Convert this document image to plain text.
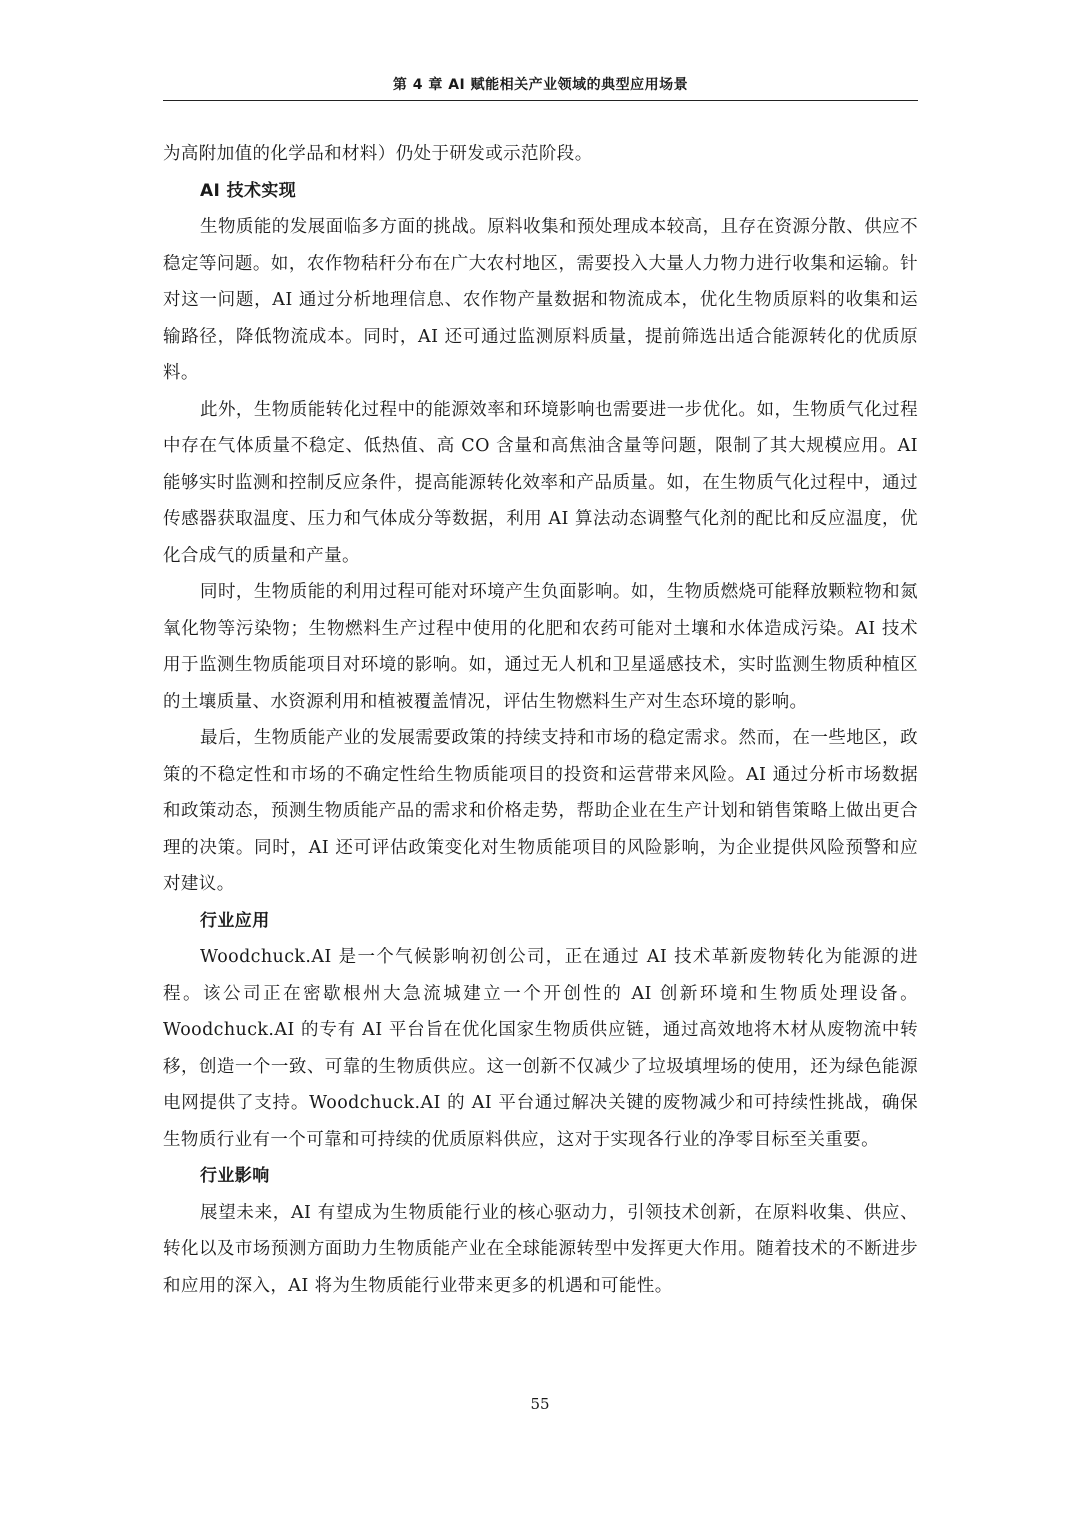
第 4 章 AI 赋能相关产业领域的典型应用场景

为高附加值的化学品和材料）仍处于研发或示范阶段。

AI 技术实现

生物质能的发展面临多方面的挑战。原料收集和预处理成本较高，且存在资源分散、供应不稳定等问题。如，农作物秸秆分布在广大农村地区，需要投入大量人力物力进行收集和运输。针对这一问题，AI 通过分析地理信息、农作物产量数据和物流成本，优化生物质原料的收集和运输路径，降低物流成本。同时，AI 还可通过监测原料质量，提前筛选出适合能源转化的优质原料。

此外，生物质能转化过程中的能源效率和环境影响也需要进一步优化。如，生物质气化过程中存在气体质量不稳定、低热值、高 CO 含量和高焦油含量等问题，限制了其大规模应用。AI 能够实时监测和控制反应条件，提高能源转化效率和产品质量。如，在生物质气化过程中，通过传感器获取温度、压力和气体成分等数据，利用 AI 算法动态调整气化剂的配比和反应温度，优化合成气的质量和产量。

同时，生物质能的利用过程可能对环境产生负面影响。如，生物质燃烧可能释放颗粒物和氮氧化物等污染物；生物燃料生产过程中使用的化肥和农药可能对土壤和水体造成污染。AI 技术用于监测生物质能项目对环境的影响。如，通过无人机和卫星遥感技术，实时监测生物质种植区的土壤质量、水资源利用和植被覆盖情况，评估生物燃料生产对生态环境的影响。

最后，生物质能产业的发展需要政策的持续支持和市场的稳定需求。然而，在一些地区，政策的不稳定性和市场的不确定性给生物质能项目的投资和运营带来风险。AI 通过分析市场数据和政策动态，预测生物质能产品的需求和价格走势，帮助企业在生产计划和销售策略上做出更合理的决策。同时，AI 还可评估政策变化对生物质能项目的风险影响，为企业提供风险预警和应对建议。

行业应用

Woodchuck.AI 是一个气候影响初创公司，正在通过 AI 技术革新废物转化为能源的进程。该公司正在密歇根州大急流城建立一个开创性的 AI 创新环境和生物质处理设备。Woodchuck.AI 的专有 AI 平台旨在优化国家生物质供应链，通过高效地将木材从废物流中转移，创造一个一致、可靠的生物质供应。这一创新不仅减少了垃圾填埋场的使用，还为绿色能源电网提供了支持。Woodchuck.AI 的 AI 平台通过解决关键的废物减少和可持续性挑战，确保生物质行业有一个可靠和可持续的优质原料供应，这对于实现各行业的净零目标至关重要。

行业影响

展望未来，AI 有望成为生物质能行业的核心驱动力，引领技术创新，在原料收集、供应、转化以及市场预测方面助力生物质能产业在全球能源转型中发挥更大作用。随着技术的不断进步和应用的深入，AI 将为生物质能行业带来更多的机遇和可能性。

55
